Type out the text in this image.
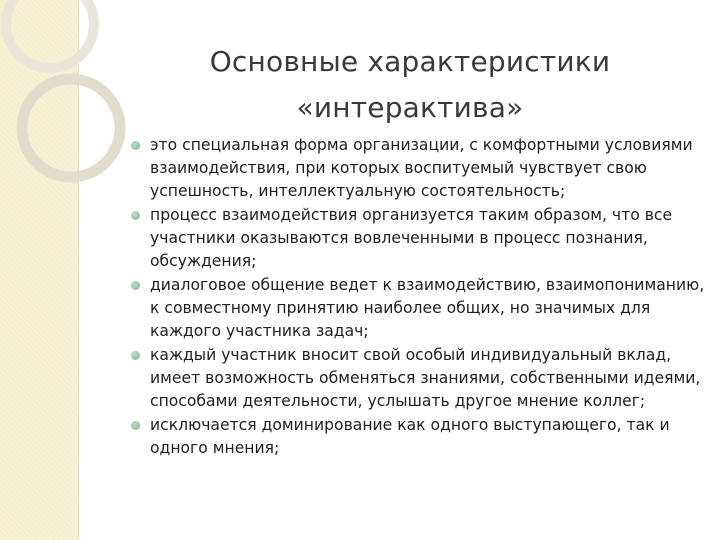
Основные характеристики
«интерактива»
это специальная форма организации, с комфортными условиями взаимодействия, при которых воспитуемый чувствует свою успешность, интеллектуальную состоятельность;
процесс взаимодействия организуется таким образом, что все участники оказываются вовлеченными в процесс познания, обсуждения;
диалоговое общение ведет к взаимодействию, взаимопониманию, к совместному принятию наиболее общих, но значимых для каждого участника задач;
каждый участник вносит свой особый индивидуальный вклад, имеет возможность обменяться знаниями, собственными идеями, способами деятельности, услышать другое мнение коллег;
исключается доминирование как одного выступающего, так и одного мнения;
